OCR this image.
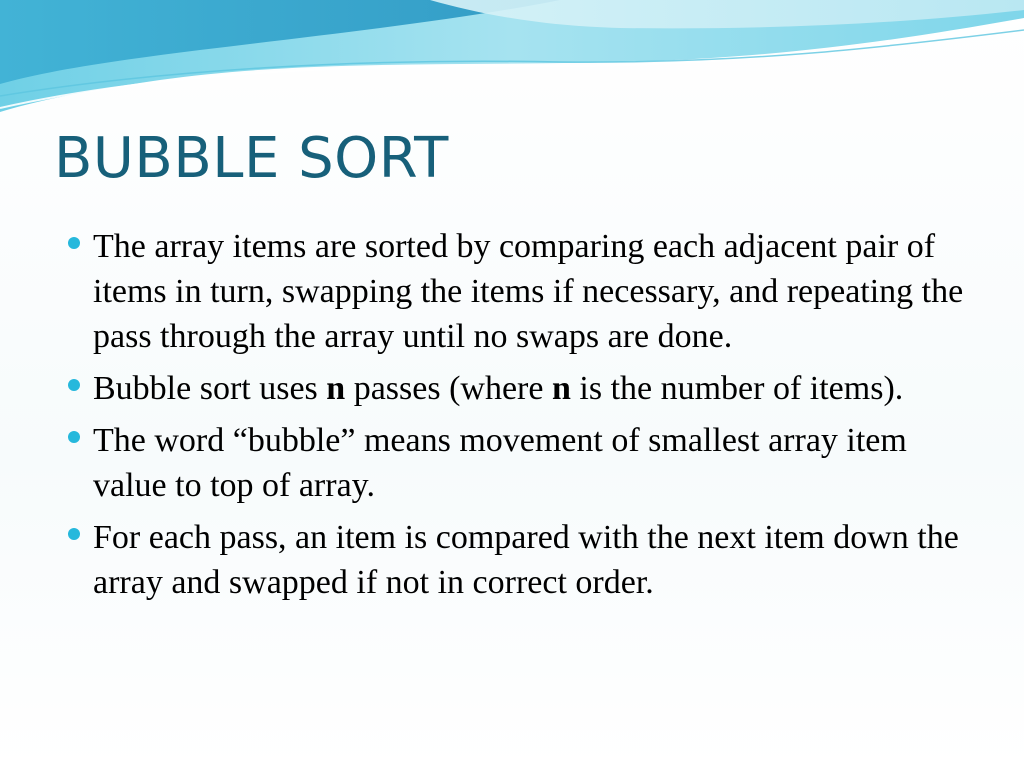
BUBBLE SORT
The array items are sorted by comparing each adjacent pair of items in turn, swapping the items if necessary, and repeating the pass through the array until no swaps are done.
Bubble sort uses n passes (where n is the number of items).
The word “bubble” means movement of smallest array item value to top of array.
For each pass, an item is compared with the next item down the array and swapped if not in correct order.
